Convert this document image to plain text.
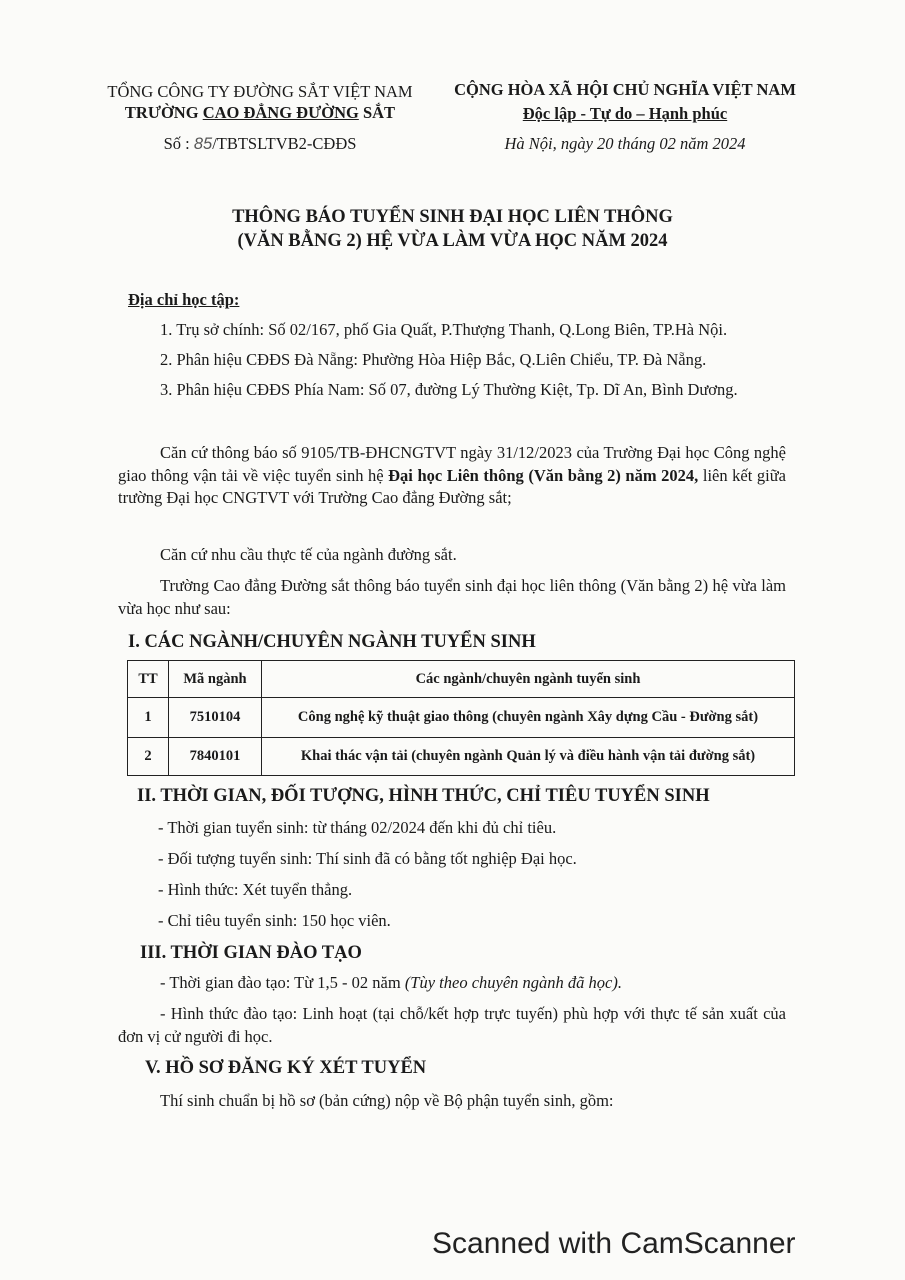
TỔNG CÔNG TY ĐƯỜNG SẮT VIỆT NAM
TRƯỜNG CAO ĐẲNG ĐƯỜNG SẮT
Số : 85/TBTSLTVB2-CĐĐS
CỘNG HÒA XÃ HỘI CHỦ NGHĨA VIỆT NAM
Độc lập - Tự do – Hạnh phúc
Hà Nội, ngày 20 tháng 02 năm 2024
THÔNG BÁO TUYỂN SINH ĐẠI HỌC LIÊN THÔNG
(VĂN BẰNG 2) HỆ VỪA LÀM VỪA HỌC NĂM 2024
Địa chỉ học tập:
1. Trụ sở chính: Số 02/167, phố Gia Quất, P.Thượng Thanh, Q.Long Biên, TP.Hà Nội.
2. Phân hiệu CĐĐS Đà Nẵng: Phường Hòa Hiệp Bắc, Q.Liên Chiểu, TP. Đà Nẵng.
3. Phân hiệu CĐĐS Phía Nam: Số 07, đường Lý Thường Kiệt, Tp. Dĩ An, Bình Dương.
Căn cứ thông báo số 9105/TB-ĐHCNGTVT ngày 31/12/2023 của Trường Đại học Công nghệ giao thông vận tải về việc tuyển sinh hệ Đại học Liên thông (Văn bằng 2) năm 2024, liên kết giữa trường Đại học CNGTVT với Trường Cao đẳng Đường sắt;
Căn cứ nhu cầu thực tế của ngành đường sắt.
Trường Cao đẳng Đường sắt thông báo tuyển sinh đại học liên thông (Văn bằng 2) hệ vừa làm vừa học như sau:
I. CÁC NGÀNH/CHUYÊN NGÀNH TUYỂN SINH
TT	Mã ngành	Các ngành/chuyên ngành tuyển sinh
1	7510104	Công nghệ kỹ thuật giao thông (chuyên ngành Xây dựng Cầu - Đường sắt)
2	7840101	Khai thác vận tải (chuyên ngành Quản lý và điều hành vận tải đường sắt)
II. THỜI GIAN, ĐỐI TƯỢNG, HÌNH THỨC, CHỈ TIÊU TUYỂN SINH
- Thời gian tuyển sinh: từ tháng 02/2024 đến khi đủ chỉ tiêu.
- Đối tượng tuyển sinh: Thí sinh đã có bằng tốt nghiệp Đại học.
- Hình thức: Xét tuyển thẳng.
- Chỉ tiêu tuyển sinh: 150 học viên.
III. THỜI GIAN ĐÀO TẠO
- Thời gian đào tạo: Từ 1,5 - 02 năm (Tùy theo chuyên ngành đã học).
- Hình thức đào tạo: Linh hoạt (tại chỗ/kết hợp trực tuyến) phù hợp với thực tế sản xuất của đơn vị cử người đi học.
V. HỒ SƠ ĐĂNG KÝ XÉT TUYỂN
Thí sinh chuẩn bị hồ sơ (bản cứng) nộp về Bộ phận tuyển sinh, gồm:
Scanned with CamScanner
